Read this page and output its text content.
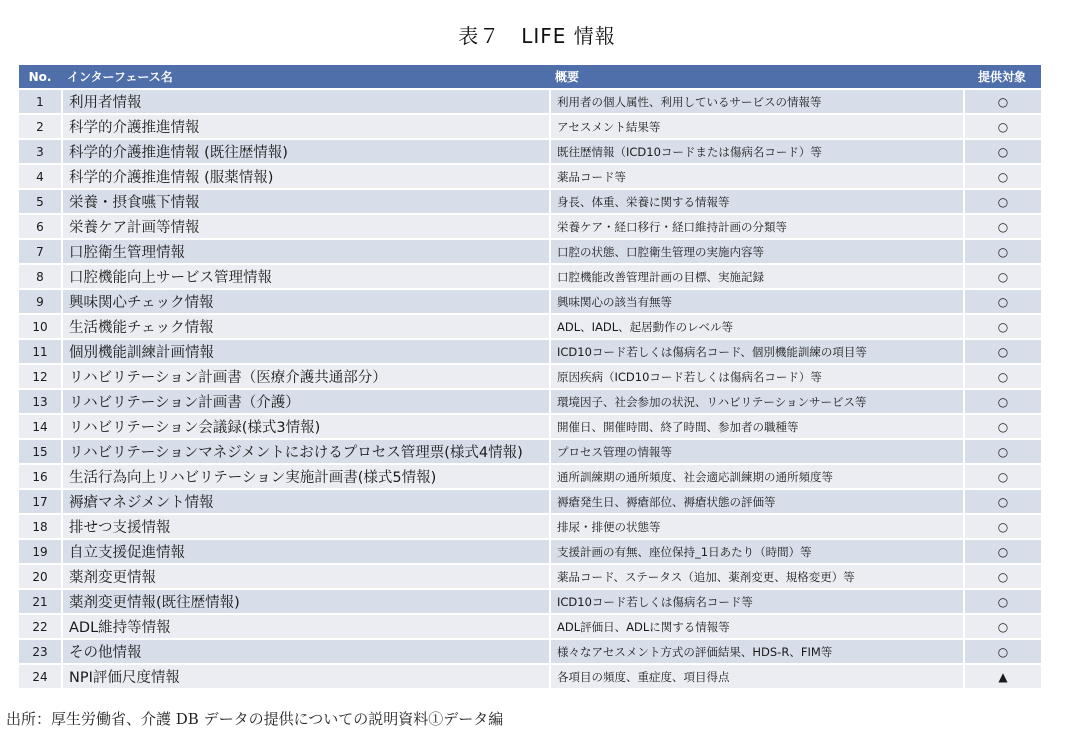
表７　LIFE 情報
No.	インターフェース名	概要	提供対象
1	利用者情報	利用者の個人属性、利用しているサービスの情報等	○
2	科学的介護推進情報	アセスメント結果等	○
3	科学的介護推進情報 (既往歴情報)	既往歴情報（ICD10コードまたは傷病名コード）等	○
4	科学的介護推進情報 (服薬情報)	薬品コード等	○
5	栄養・摂食嚥下情報	身長、体重、栄養に関する情報等	○
6	栄養ケア計画等情報	栄養ケア・経口移行・経口維持計画の分類等	○
7	口腔衛生管理情報	口腔の状態、口腔衛生管理の実施内容等	○
8	口腔機能向上サービス管理情報	口腔機能改善管理計画の目標、実施記録	○
9	興味関心チェック情報	興味関心の該当有無等	○
10	生活機能チェック情報	ADL、IADL、起居動作のレベル等	○
11	個別機能訓練計画情報	ICD10コード若しくは傷病名コード、個別機能訓練の項目等	○
12	リハビリテーション計画書（医療介護共通部分）	原因疾病（ICD10コード若しくは傷病名コード）等	○
13	リハビリテーション計画書（介護）	環境因子、社会参加の状況、リハビリテーションサービス等	○
14	リハビリテーション会議録(様式3情報)	開催日、開催時間、終了時間、参加者の職種等	○
15	リハビリテーションマネジメントにおけるプロセス管理票(様式4情報)	プロセス管理の情報等	○
16	生活行為向上リハビリテーション実施計画書(様式5情報)	通所訓練期の通所頻度、社会適応訓練期の通所頻度等	○
17	褥瘡マネジメント情報	褥瘡発生日、褥瘡部位、褥瘡状態の評価等	○
18	排せつ支援情報	排尿・排便の状態等	○
19	自立支援促進情報	支援計画の有無、座位保持_1日あたり（時間）等	○
20	薬剤変更情報	薬品コード、ステータス（追加、薬剤変更、規格変更）等	○
21	薬剤変更情報(既往歴情報)	ICD10コード若しくは傷病名コード等	○
22	ADL維持等情報	ADL評価日、ADLに関する情報等	○
23	その他情報	様々なアセスメント方式の評価結果、HDS-R、FIM等	○
24	NPI評価尺度情報	各項目の頻度、重症度、項目得点	▲
出所：厚生労働省、介護 DB データの提供についての説明資料①データ編
